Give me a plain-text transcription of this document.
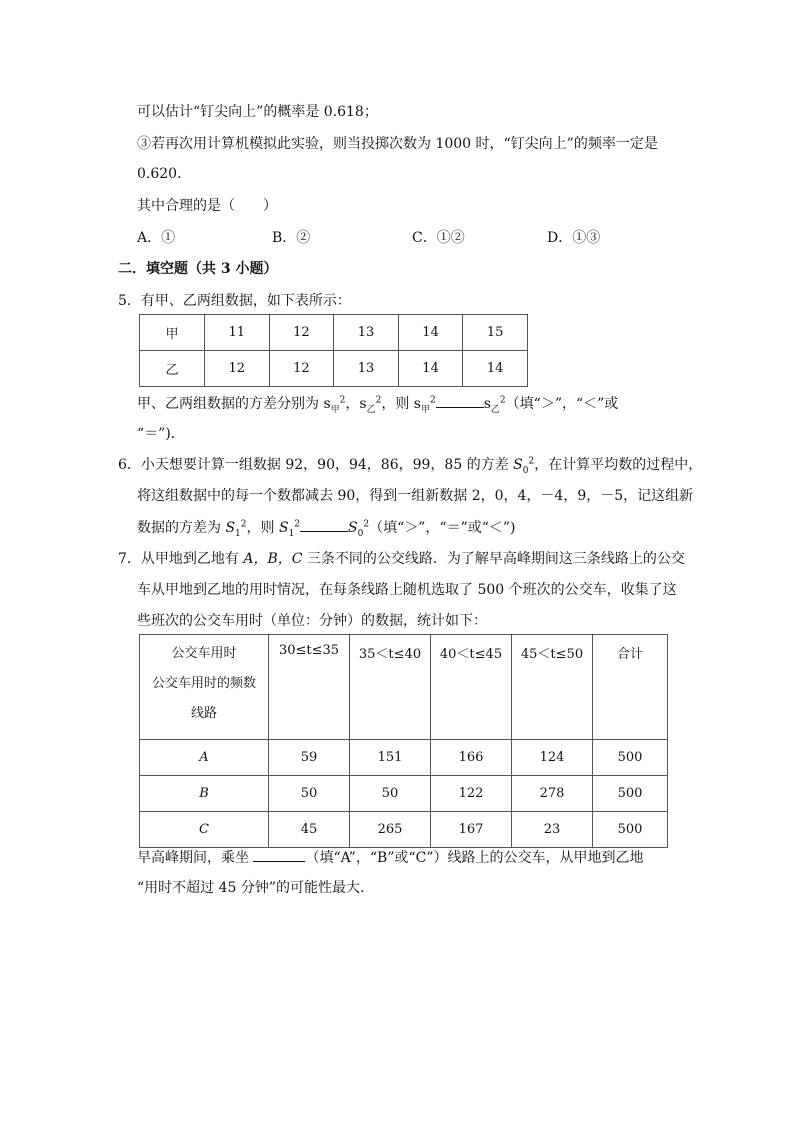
可以估计“钉尖向上”的概率是 0.618；
③若再次用计算机模拟此实验，则当投掷次数为 1000 时，“钉尖向上”的频率一定是
0.620．
其中合理的是（　　）
A．①	B．②	C．①②	D．①③
二．填空题（共 3 小题）
5．有甲、乙两组数据，如下表所示：
甲	11	12	13	14	15
乙	12	12	13	14	14
甲、乙两组数据的方差分别为 $s_甲^2$，$s_乙^2$，则 $s_甲^2$	$s_乙^2$（填“＞”，“＜”或
“＝”)．
6．小天想要计算一组数据 92，90，94，86，99，85 的方差 $S_0^2$，在计算平均数的过程中，
将这组数据中的每一个数都减去 90，得到一组新数据 2，0，4，－4，9，－5，记这组新
数据的方差为 $S_1^2$，则 $S_1^2$	$S_0^2$（填“＞”，“＝”或“＜”)
7．从甲地到乙地有 A，B，C 三条不同的公交线路．为了解早高峰期间这三条线路上的公交
车从甲地到乙地的用时情况，在每条线路上随机选取了 500 个班次的公交车，收集了这
些班次的公交车用时（单位：分钟）的数据，统计如下：
公交车用时
公交车用时的频数
线路	30≤t≤35	35＜t≤40	40＜t≤45	45＜t≤50	合计
A	59	151	166	124	500
B	50	50	122	278	500
C	45	265	167	23	500
早高峰期间，乘坐	（填“A”，“B”或“C”）线路上的公交车，从甲地到乙地
“用时不超过 45 分钟”的可能性最大．
